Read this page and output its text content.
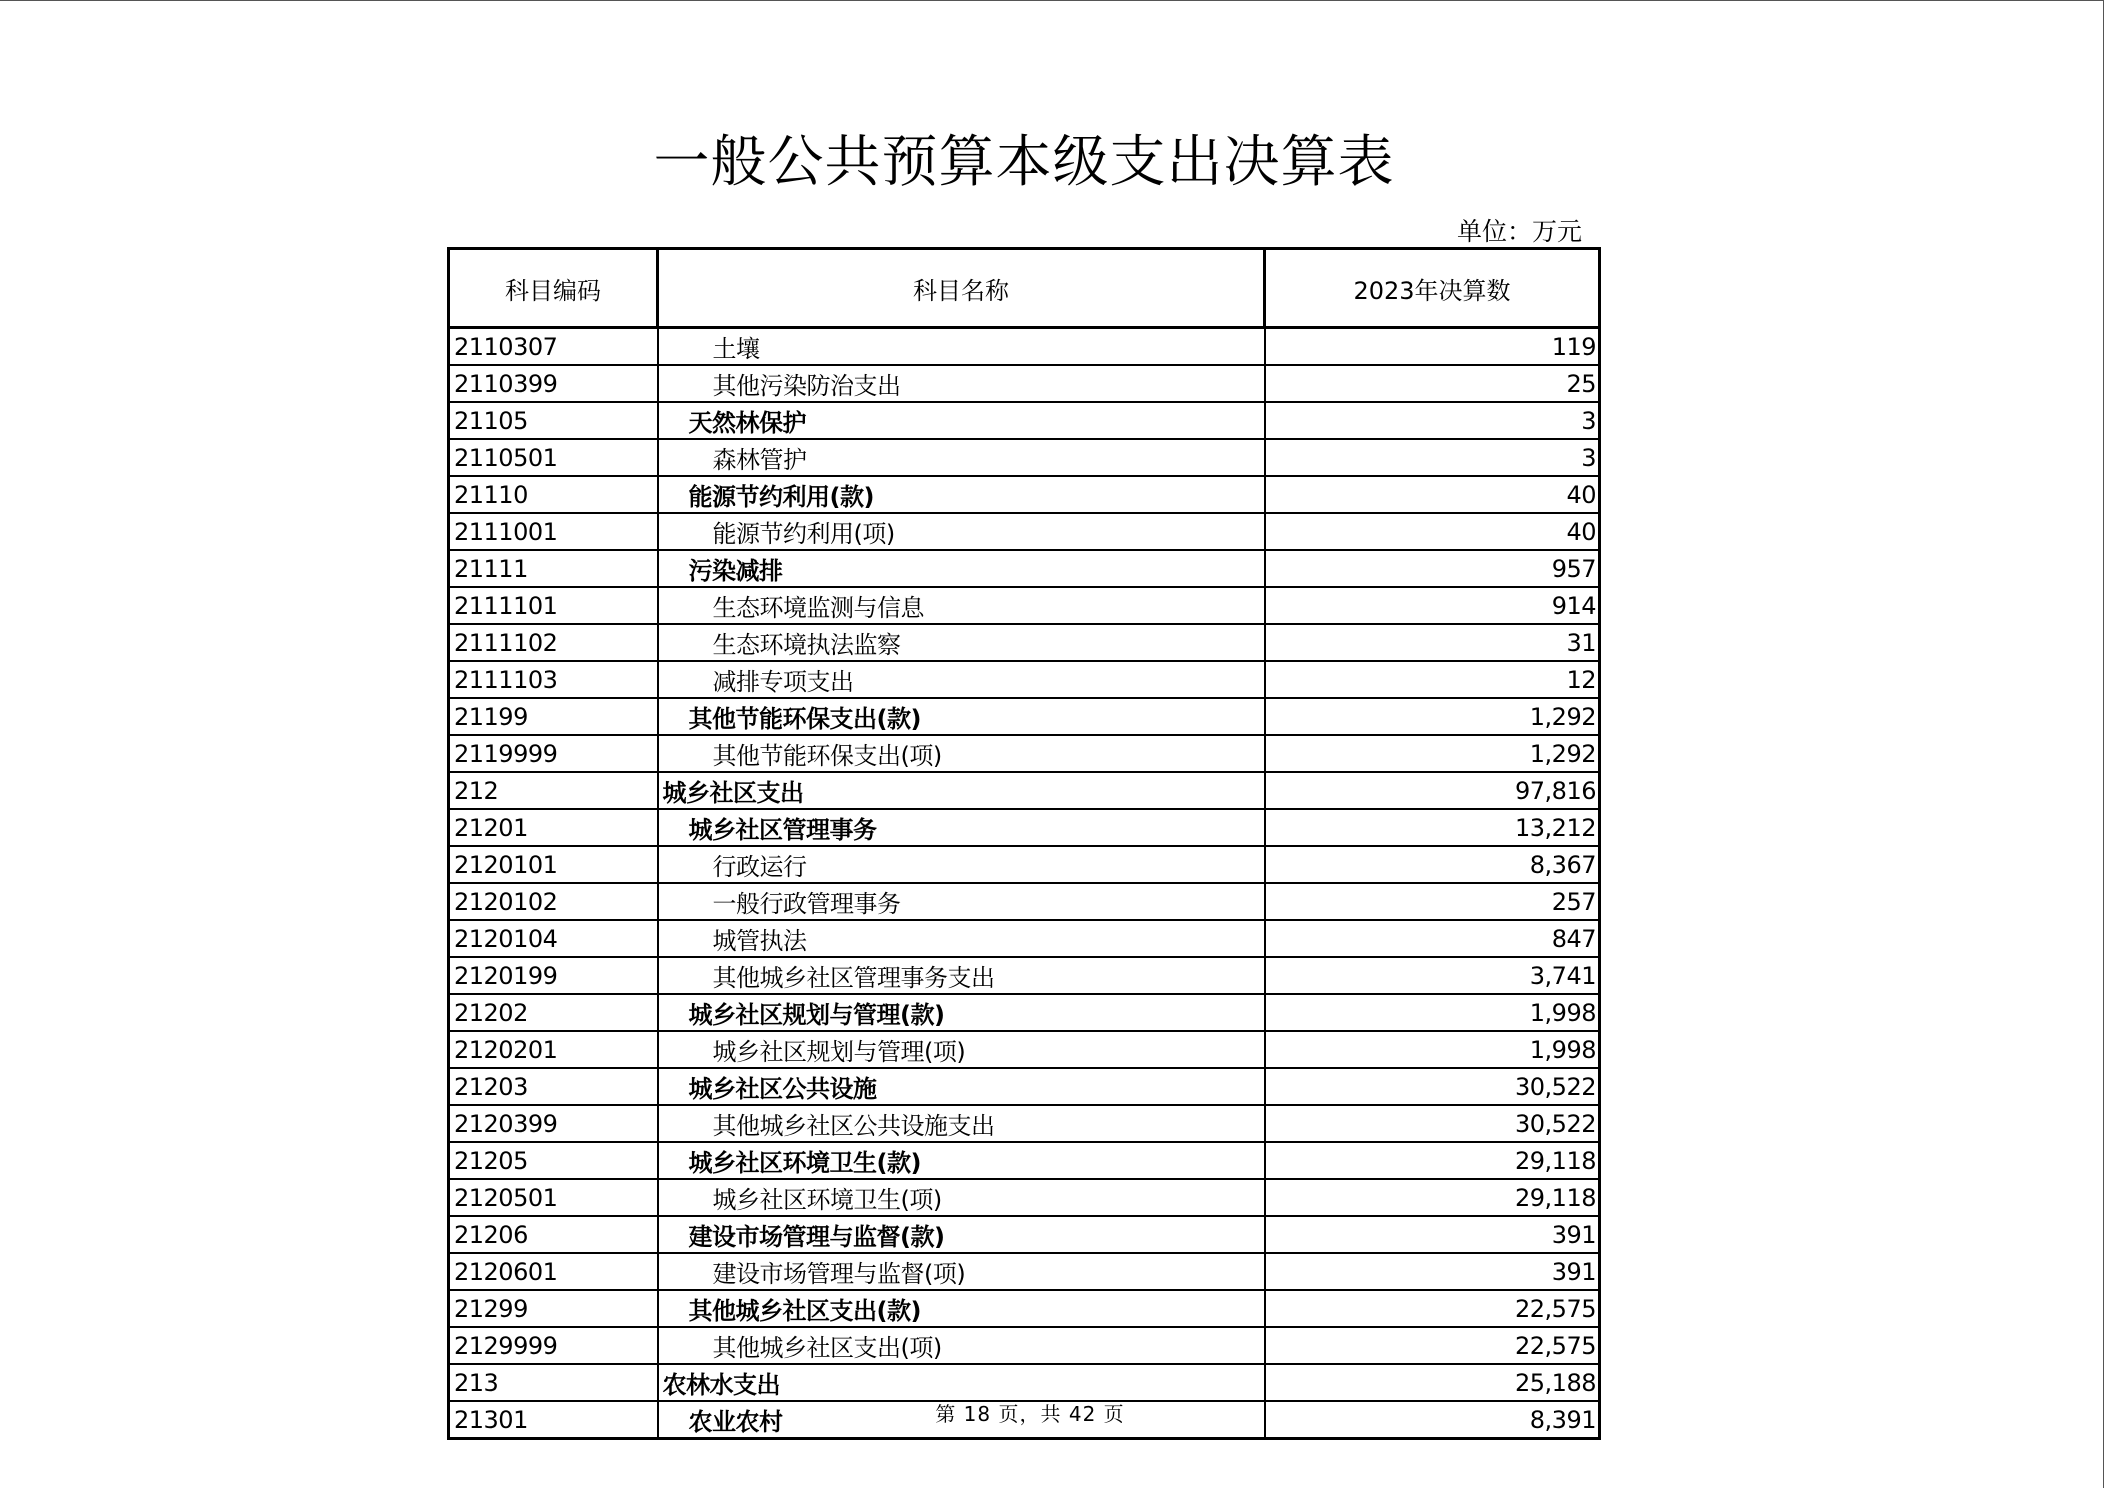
一般公共预算本级支出决算表
单位：万元
科目编码	科目名称	2023年决算数
2110307	土壤	119
2110399	其他污染防治支出	25
21105	天然林保护	3
2110501	森林管护	3
21110	能源节约利用(款)	40
2111001	能源节约利用(项)	40
21111	污染减排	957
2111101	生态环境监测与信息	914
2111102	生态环境执法监察	31
2111103	减排专项支出	12
21199	其他节能环保支出(款)	1,292
2119999	其他节能环保支出(项)	1,292
212	城乡社区支出	97,816
21201	城乡社区管理事务	13,212
2120101	行政运行	8,367
2120102	一般行政管理事务	257
2120104	城管执法	847
2120199	其他城乡社区管理事务支出	3,741
21202	城乡社区规划与管理(款)	1,998
2120201	城乡社区规划与管理(项)	1,998
21203	城乡社区公共设施	30,522
2120399	其他城乡社区公共设施支出	30,522
21205	城乡社区环境卫生(款)	29,118
2120501	城乡社区环境卫生(项)	29,118
21206	建设市场管理与监督(款)	391
2120601	建设市场管理与监督(项)	391
21299	其他城乡社区支出(款)	22,575
2129999	其他城乡社区支出(项)	22,575
213	农林水支出	25,188
21301	农业农村	8,391
第 18 页，共 42 页
